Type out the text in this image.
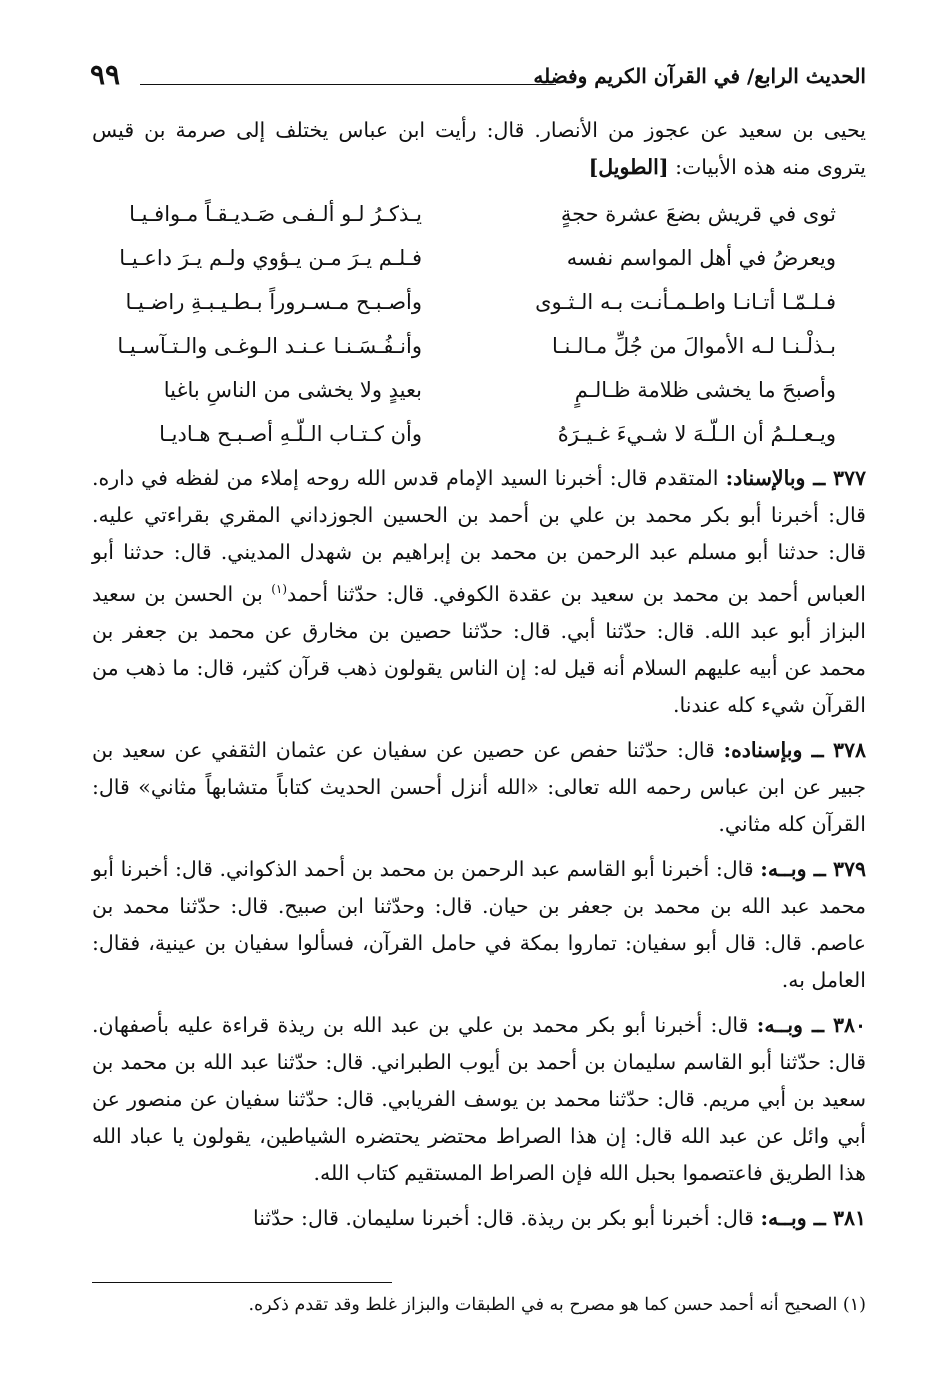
الحديث الرابع/ في القرآن الكريم وفضله
٩٩

يحيى بن سعيد عن عجوز من الأنصار. قال: رأيت ابن عباس يختلف إلى صرمة بن قيس يتروى منه هذه الأبيات: [الطويل]

ثوى في قريش بضعَ عشرة حجةٍ
يـذكـرُ لـو ألـفـى صَـديـقـاً مـوافـيـا
ويعرضُ في أهل المواسم نفسه
فـلـم يـرَ مـن يـؤوي ولـم يـرَ داعـيـا
فـلـمّـا أتـانـا واطـمـأنـت بـه الـثـوى
وأصـبـح مـسـروراً بـطـيـبـةِ راضـيـا
بـذلْـنـا لـه الأموالَ من جُلِّ مـالـنـا
وأنـفُـسَـنـا عـنـد الـوغـى والـتـآسـيـا
وأصبحَ ما يخشى ظلامة ظـالـمٍ
بعيدٍ ولا يخشى من الناسِ باغيا
ويـعـلـمُ أن الـلّـهَ لا شـيءَ غـيـرَهُ
وأن كـتـاب الـلّـهِ أصـبـح هـاديـا

٣٧٧ ــ وبالإسناد: المتقدم قال: أخبرنا السيد الإمام قدس الله روحه إملاء من لفظه في داره. قال: أخبرنا أبو بكر محمد بن علي بن أحمد بن الحسين الجوزداني المقري بقراءتي عليه. قال: حدثنا أبو مسلم عبد الرحمن بن محمد بن إبراهيم بن شهدل المديني. قال: حدثنا أبو العباس أحمد بن محمد بن سعيد بن عقدة الكوفي. قال: حدّثنا أحمد$^{(١)}$ بن الحسن بن سعيد البزاز أبو عبد الله. قال: حدّثنا أبي. قال: حدّثنا حصين بن مخارق عن محمد بن جعفر بن محمد عن أبيه عليهم السلام أنه قيل له: إن الناس يقولون ذهب قرآن كثير، قال: ما ذهب من القرآن شيء كله عندنا.

٣٧٨ ــ وبإسناده: قال: حدّثنا حفص عن حصين عن سفيان عن عثمان الثقفي عن سعيد بن جبير عن ابن عباس رحمه الله تعالى: «الله أنزل أحسن الحديث كتاباً متشابهاً مثاني» قال: القرآن كله مثاني.

٣٧٩ ــ وبــه: قال: أخبرنا أبو القاسم عبد الرحمن بن محمد بن أحمد الذكواني. قال: أخبرنا أبو محمد عبد الله بن محمد بن جعفر بن حيان. قال: وحدّثنا ابن صبيح. قال: حدّثنا محمد بن عاصم. قال: قال أبو سفيان: تماروا بمكة في حامل القرآن، فسألوا سفيان بن عينية، فقال: العامل به.

٣٨٠ ــ وبــه: قال: أخبرنا أبو بكر محمد بن علي بن عبد الله بن ريذة قراءة عليه بأصفهان. قال: حدّثنا أبو القاسم سليمان بن أحمد بن أيوب الطبراني. قال: حدّثنا عبد الله بن محمد بن سعيد بن أبي مريم. قال: حدّثنا محمد بن يوسف الفريابي. قال: حدّثنا سفيان عن منصور عن أبي وائل عن عبد الله قال: إن هذا الصراط محتضر يحتضره الشياطين، يقولون يا عباد الله هذا الطريق فاعتصموا بحبل الله فإن الصراط المستقيم كتاب الله.

٣٨١ ــ وبــه: قال: أخبرنا أبو بكر بن ريذة. قال: أخبرنا سليمان. قال: حدّثنا

(١) الصحيح أنه أحمد حسن كما هو مصرح به في الطبقات والبزاز غلط وقد تقدم ذكره.
